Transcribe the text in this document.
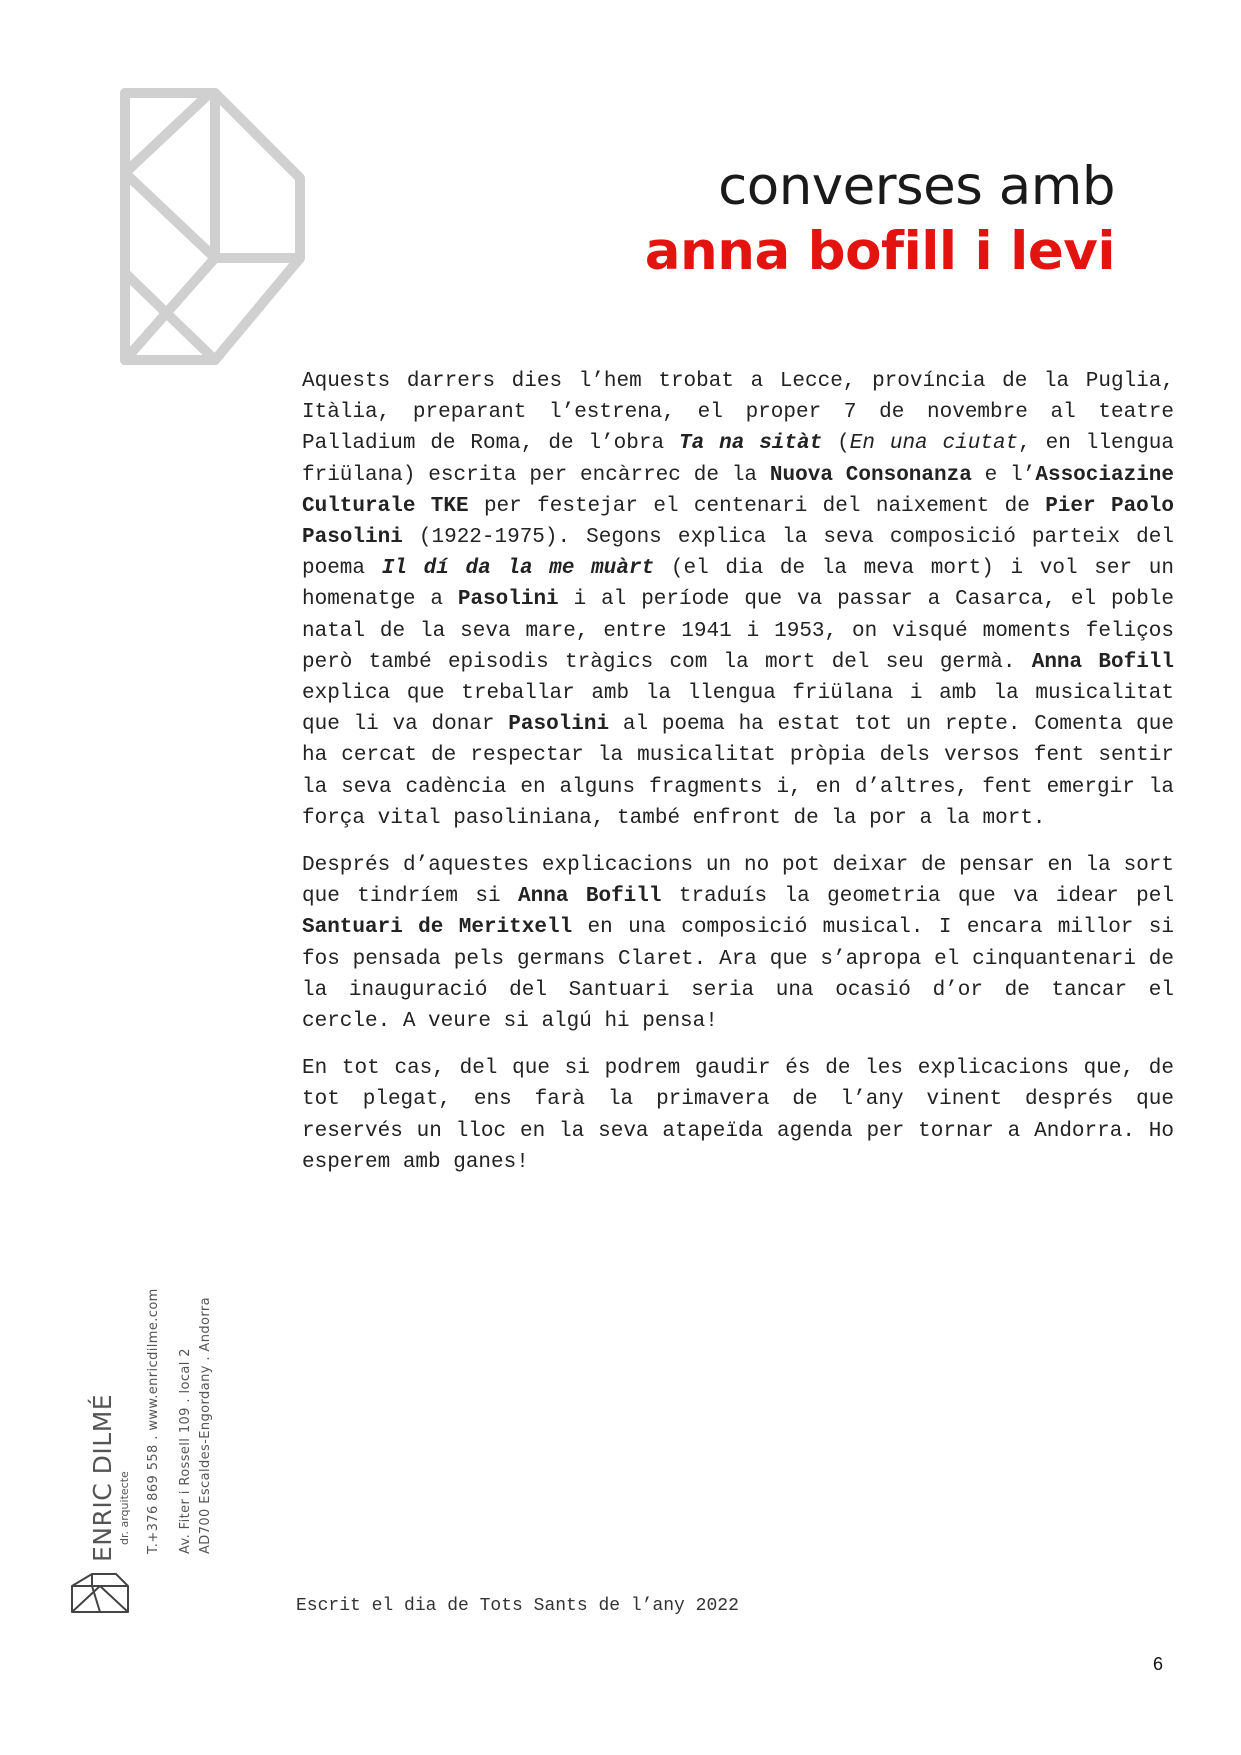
converses amb
anna bofill i levi

Aquests darrers dies l’hem trobat a Lecce, província de la Puglia, Itàlia, preparant l’estrena, el proper 7 de novembre al teatre Palladium de Roma, de l’obra Ta na sitàt (En una ciutat, en llengua friülana) escrita per encàrrec de la Nuova Consonanza e l’Associazine Culturale TKE per festejar el centenari del naixement de Pier Paolo Pasolini (1922-1975). Segons explica la seva composició parteix del poema Il dí da la me muàrt (el dia de la meva mort) i vol ser un homenatge a Pasolini i al període que va passar a Casarca, el poble natal de la seva mare, entre 1941 i 1953, on visqué moments feliços però també episodis tràgics com la mort del seu germà. Anna Bofill explica que treballar amb la llengua friülana i amb la musicalitat que li va donar Pasolini al poema ha estat tot un repte. Comenta que ha cercat de respectar la musicalitat pròpia dels versos fent sentir la seva cadència en alguns fragments i, en d’altres, fent emergir la força vital pasoliniana, també enfront de la por a la mort.

Després d’aquestes explicacions un no pot deixar de pensar en la sort que tindríem si Anna Bofill traduís la geometria que va idear pel Santuari de Meritxell en una composició musical. I encara millor si fos pensada pels germans Claret. Ara que s’apropa el cinquantenari de la inauguració del Santuari seria una ocasió d’or de tancar el cercle. A veure si algú hi pensa!

En tot cas, del que si podrem gaudir és de les explicacions que, de tot plegat, ens farà la primavera de l’any vinent després que reservés un lloc en la seva atapeïda agenda per tornar a Andorra. Ho esperem amb ganes!

ENRIC DILMÉ dr. arquitecte T.+376 869 558 . www.enricdilme.com Av. Fiter i Rossell 109 . local 2 AD700 Escaldes-Engordany . Andorra
Escrit el dia de Tots Sants de l’any 2022
6
